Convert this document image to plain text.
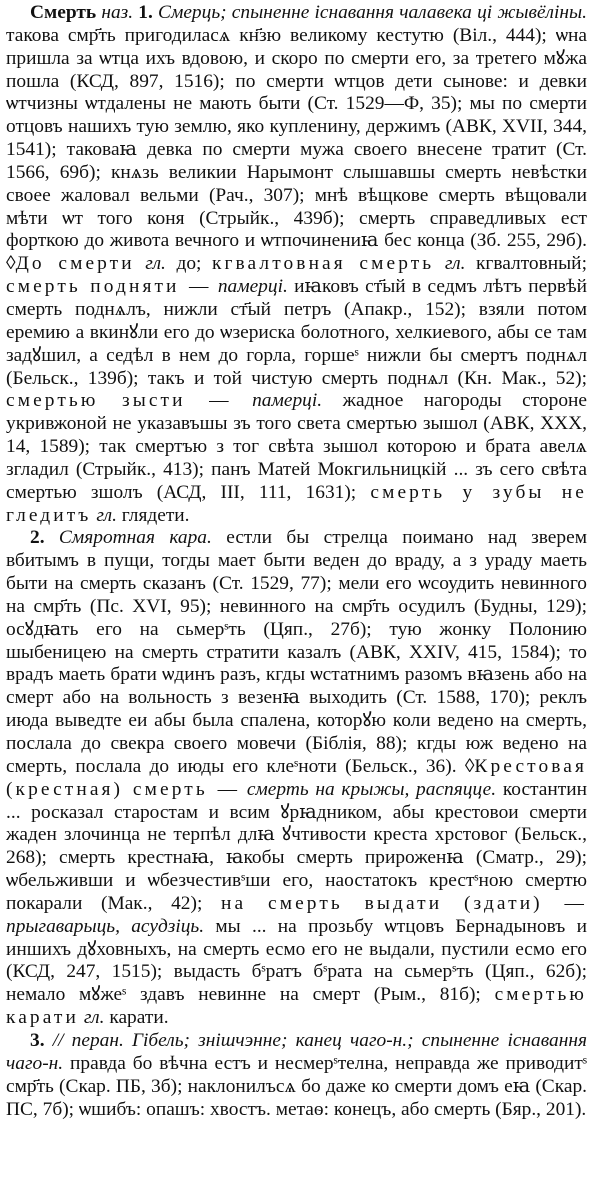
Смерть наз. 1. Смерць; спыненне існавання чалавека ці жывёліны. такова смр҃ть пригодиласѧ кн҃зю великому кестутю (Віл., 444); ѡна пришла за ѡтца ихъ вдовою, и скоро по смерти его, за третего мꙋжа пошла (КСД, 897, 1516); по смерти ѡтцов дети сынове: и девки ѡтчизны ѡтдалены не мають быти (Ст. 1529—Ф, 35); мы по смерти отцовъ нашихъ тую землю, яко купленину, держимъ (АВК, XVII, 344, 1541); таковаꙗ девка по смерти мужа своего внесене тратит (Ст. 1566, 69б); кнѧзь великии Нарымонт слышавшы смерть невѣстки своее жаловал вельми (Рач., 307); мнѣ вѣщкове смерть вѣщовали мѣти ѡт того коня (Стрыйк., 439б); смерть справедливых ест форткою до живота вечного и ѡтпочинениꙗ бес конца (Зб. 255, 29б). ◊До смерти гл. до; кгвалтовная смерть гл. кгвалтовный; смерть подняти — памерці. иꙗковъ ст҃ый в седмъ лѣтъ первѣй смерть поднѧлъ, нижли ст҃ый петръ (Апакр., 152); взяли потом еремию а вкинꙋли его до ѡзериска болотного, хелкиевого, абы се там задꙋшил, а седѣл в нем до горла, горшеˢ нижли бы смертъ поднѧл (Бельск., 139б); такъ и той чистую смерть поднѧл (Кн. Мак., 52); смертью зысти — памерці. жадное нагороды стороне укривжоной не указавъшы зъ того света смертью зышол (АВК, XXX, 14, 1589); так смертъю з тог свѣта зышол которою и брата авелѧ згладил (Стрыйк., 413); панъ Матей Мокгильницкій ... зъ сего свѣта смертью зшолъ (АСД, III, 111, 1631); смерть у зубы не гледитъ гл. глядети.

2. Смяротная кара. естли бы стрелца поимано над зверем вбитымъ в пущи, тогды мает быти веден до враду, а з ураду маеть быти на смерть сказанъ (Ст. 1529, 77); мели его ѡсоудить невинного на смр҃ть (Пс. XVI, 95); невинного на смр҃ть осудилъ (Будны, 129); осꙋдꙗть его на сьмерˢть (Цяп., 27б); тую жонку Полонию шыбеницею на смерть стратити казалъ (АВК, XXIV, 415, 1584); то врадъ маеть брати ѡдинъ разъ, кгды ѡстатнимъ разомъ вꙗзень або на смерт або на вольность з везенꙗ выходить (Ст. 1588, 170); реклъ июда выведте еи абы была спалена, которꙋю коли ведено на смерть, послала до свекра своего мовечи (Біблія, 88); кгды юж ведено на смерть, послала до июды его клеˢноти (Бельск., 36). ◊Крестовая (крестная) смерть — смерть на крыжы, распяцце. костантин ... росказал старостам и всим ꙋрꙗдником, абы крестовои смерти жаден злочинца не терпѣл длꙗ ꙋчтивости креста хрстовог (Бельск., 268); смерть крестнаꙗ, ꙗкобы смерть прироженꙗ (Сматр., 29); ѡбельживши и ѡбезчестивˢши его, наостатокъ крестˢною смертю покарали (Мак., 42); на смерть выдати (здати) — прыгаварыць, асудзіць. мы ... на прозьбу ѡтцовъ Бернадыновъ и иншихъ дꙋховныхъ, на смерть есмо его не выдали, пустили есмо его (КСД, 247, 1515); выдасть бˢратъ бˢрата на сьмерˢть (Цяп., 62б); немало мꙋжеˢ здавъ невинне на смерт (Рым., 81б); смертью карати гл. карати.

3. // перан. Гібель; знішчэнне; канец чаго-н.; спыненне існавання чаго-н. правда бо вѣчна естъ и несмерˢтелна, неправда же приводитˢ смр҃ть (Скар. ПБ, 3б); наклонилъсѧ бо даже ко смерти домъ еꙗ (Скар. ПС, 7б); ѡшибъ: опашъ: хвостъ. метаѳ: конецъ, або смерть (Бяр., 201).
